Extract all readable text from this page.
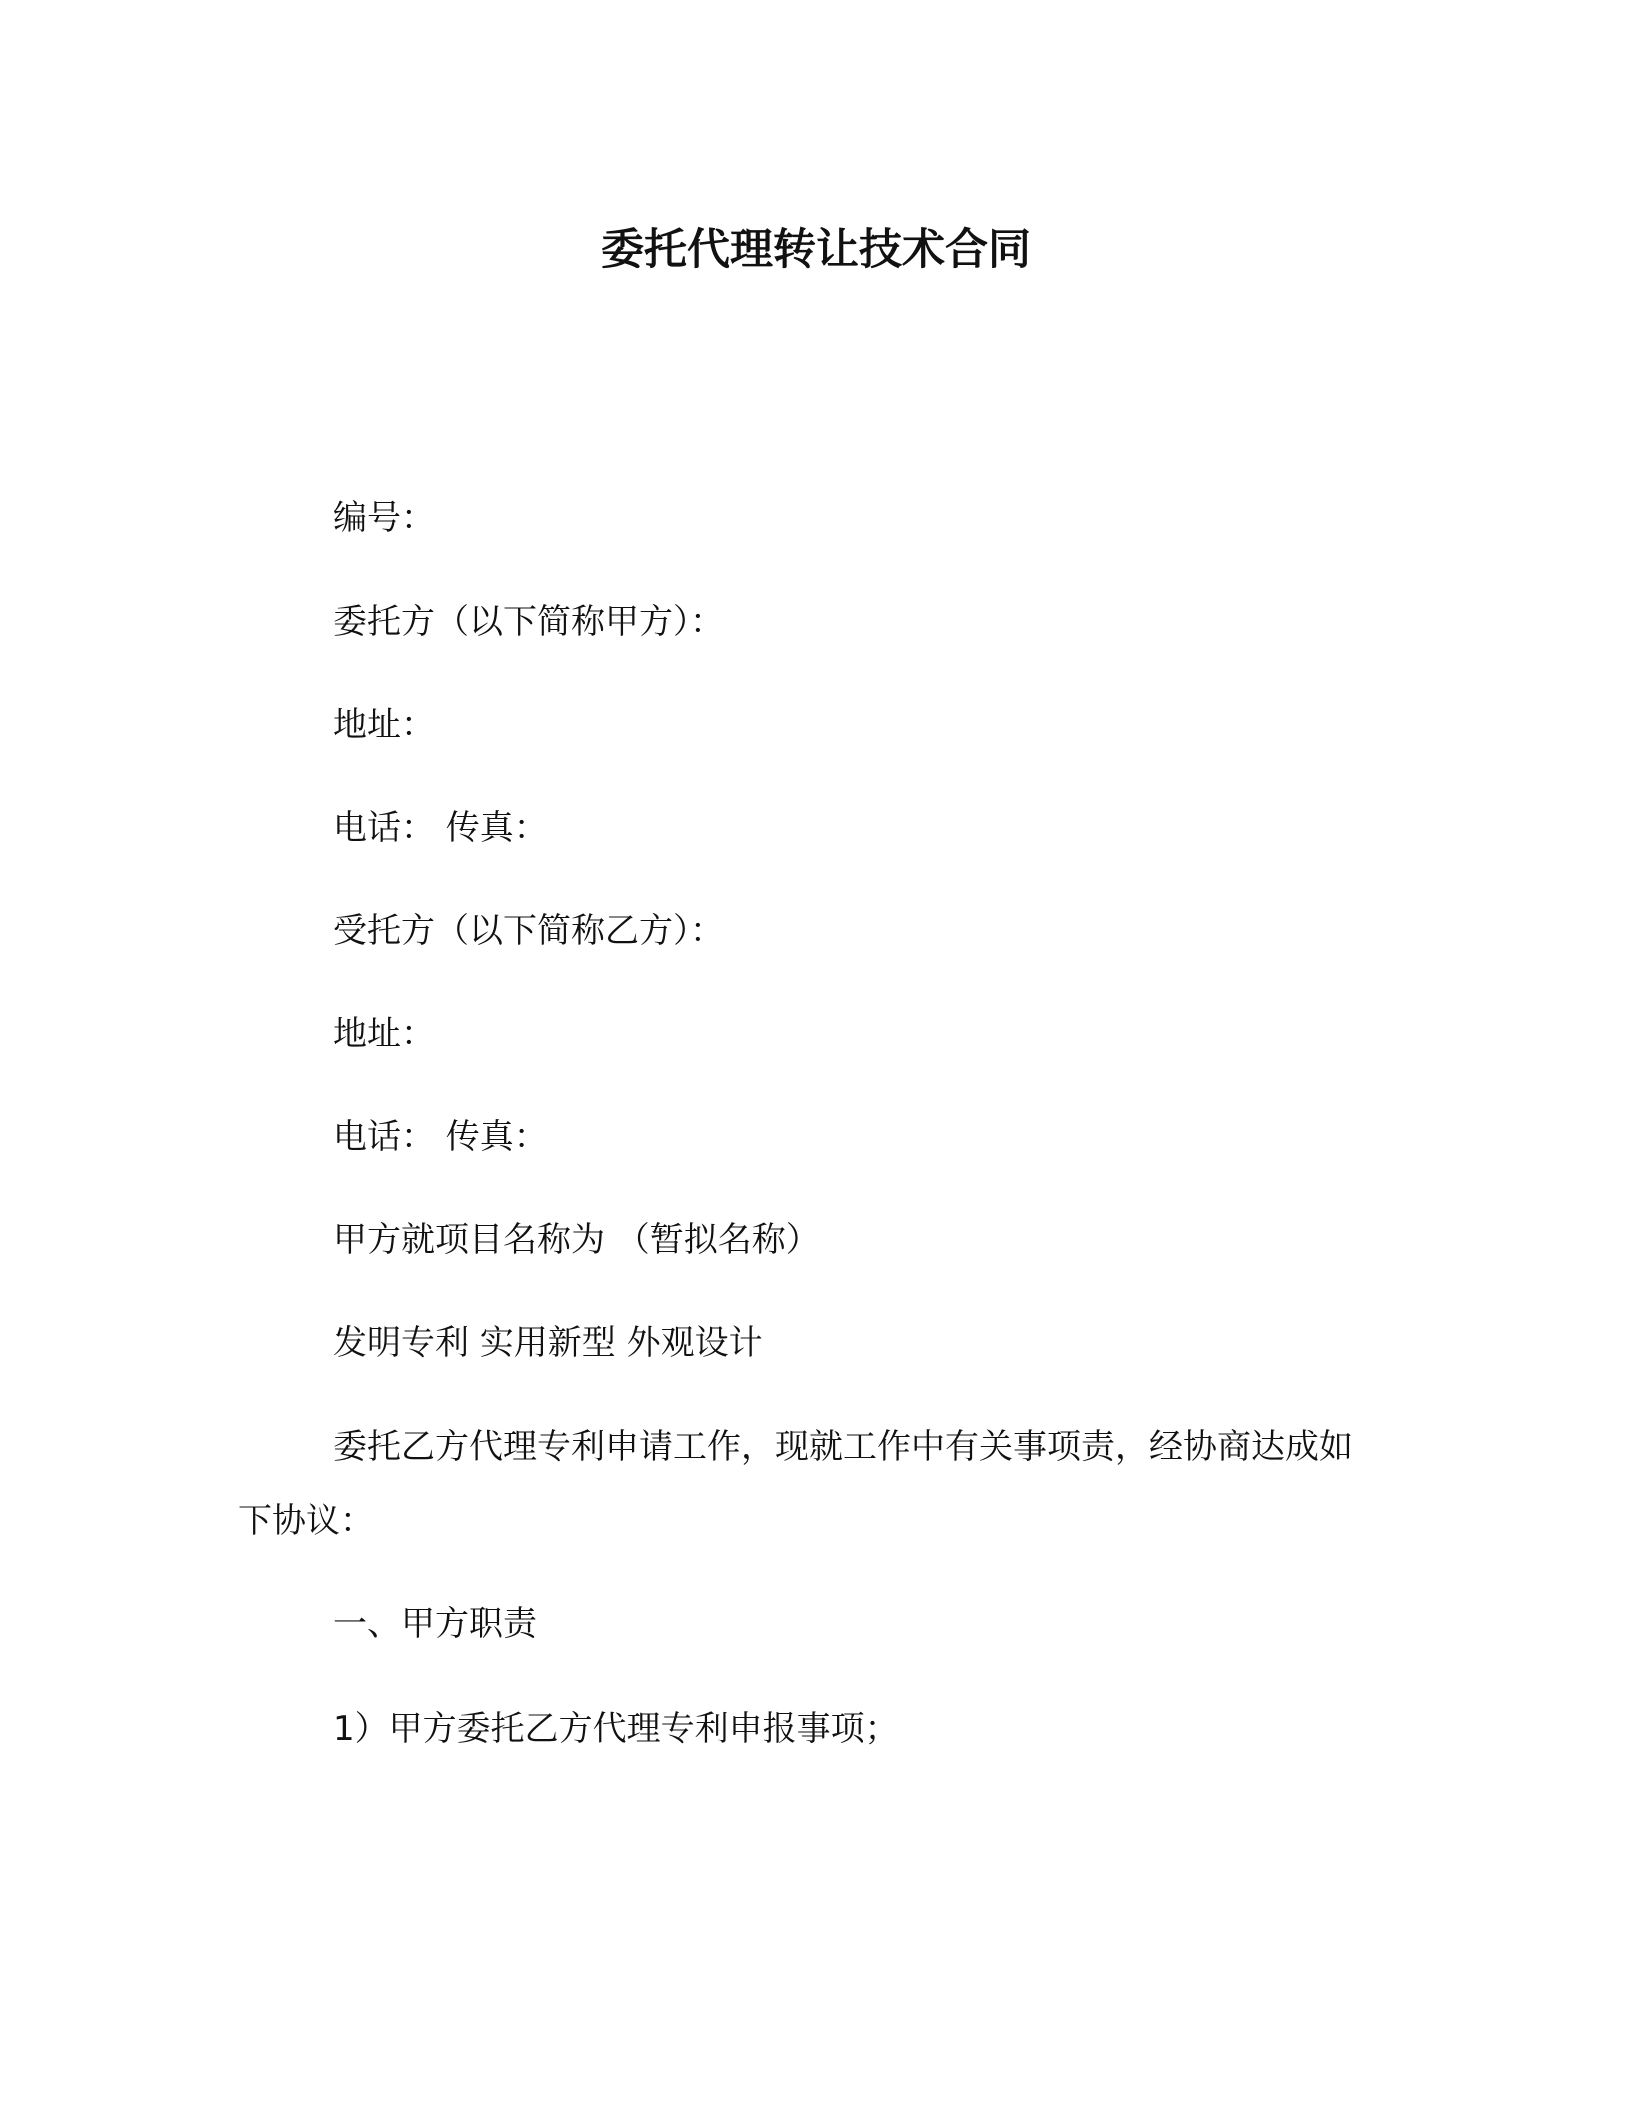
委托代理转让技术合同
编号：
委托方（以下简称甲方）：
地址：
电话： 传真：
受托方（以下简称乙方）：
地址：
电话： 传真：
甲方就项目名称为 （暂拟名称）
发明专利 实用新型 外观设计
委托乙方代理专利申请工作，现就工作中有关事项责，经协商达成如下协议：
一、甲方职责
1）甲方委托乙方代理专利申报事项；
